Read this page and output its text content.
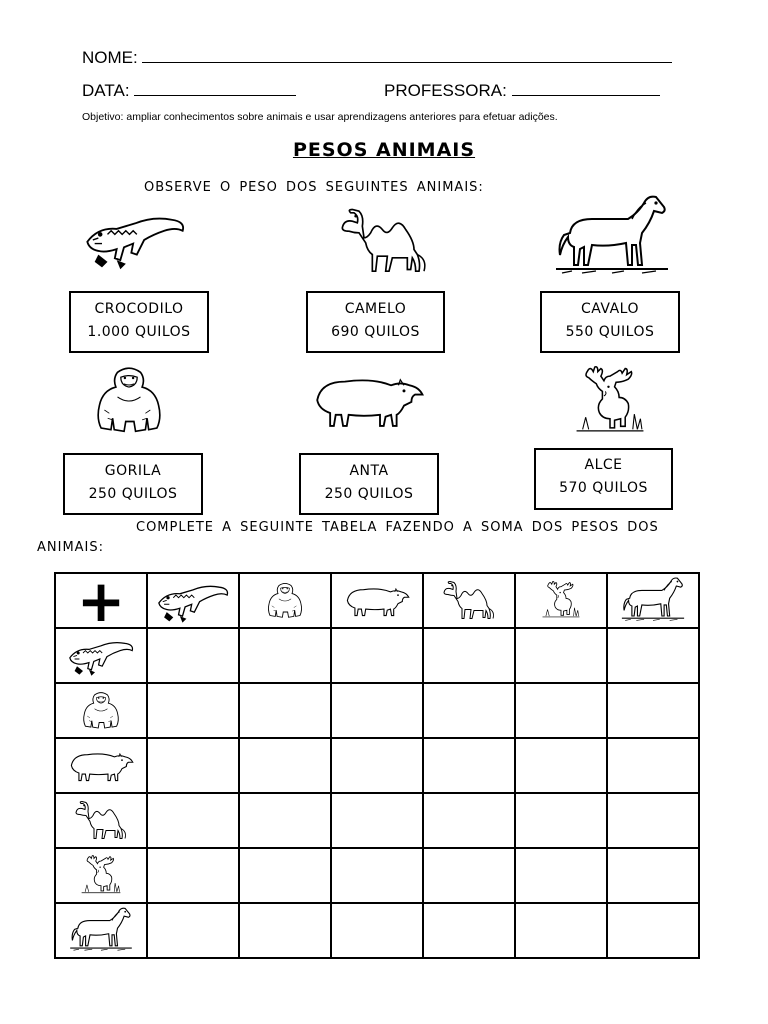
NOME:
DATA:	PROFESSORA:
Objetivo: ampliar conhecimentos sobre animais e usar aprendizagens anteriores para efetuar adições.
PESOS ANIMAIS
OBSERVE O PESO DOS SEGUINTES ANIMAIS:
CROCODILO
1.000 QUILOS
CAMELO
690 QUILOS
CAVALO
550 QUILOS
GORILA
250 QUILOS
ANTA
250 QUILOS
ALCE
570 QUILOS
COMPLETE A SEGUINTE TABELA FAZENDO A SOMA DOS PESOS DOS
ANIMAIS:
+	
